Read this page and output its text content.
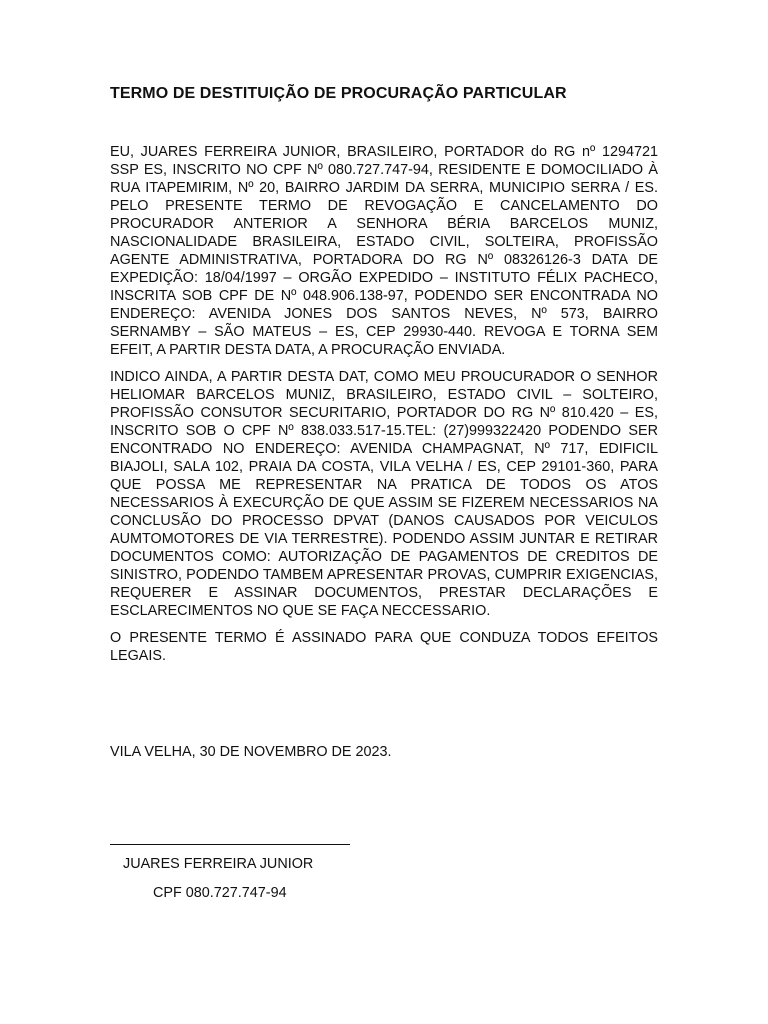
TERMO DE DESTITUIÇÃO DE PROCURAÇÃO PARTICULAR

EU, JUARES FERREIRA JUNIOR, BRASILEIRO, PORTADOR do RG nº 1294721 SSP ES, INSCRITO NO CPF Nº 080.727.747-94, RESIDENTE E DOMOCILIADO À RUA ITAPEMIRIM, Nº 20, BAIRRO JARDIM DA SERRA, MUNICIPIO SERRA / ES. PELO PRESENTE TERMO DE REVOGAÇÃO E CANCELAMENTO DO PROCURADOR ANTERIOR A SENHORA BÉRIA BARCELOS MUNIZ, NASCIONALIDADE BRASILEIRA, ESTADO CIVIL, SOLTEIRA, PROFISSÃO AGENTE ADMINISTRATIVA, PORTADORA DO RG Nº 08326126-3 DATA DE EXPEDIÇÃO: 18/04/1997 – ORGÃO EXPEDIDO – INSTITUTO FÉLIX PACHECO, INSCRITA SOB CPF DE Nº 048.906.138-97, PODENDO SER ENCONTRADA NO ENDEREÇO: AVENIDA JONES DOS SANTOS NEVES, Nº 573, BAIRRO SERNAMBY – SÃO MATEUS – ES, CEP 29930-440. REVOGA E TORNA SEM EFEIT, A PARTIR DESTA DATA, A PROCURAÇÃO ENVIADA.

INDICO AINDA, A PARTIR DESTA DAT, COMO MEU PROUCURADOR O SENHOR HELIOMAR BARCELOS MUNIZ, BRASILEIRO, ESTADO CIVIL – SOLTEIRO, PROFISSÃO CONSUTOR SECURITARIO, PORTADOR DO RG Nº 810.420 – ES, INSCRITO SOB O CPF Nº 838.033.517-15.TEL: (27)999322420 PODENDO SER ENCONTRADO NO ENDEREÇO: AVENIDA CHAMPAGNAT, Nº 717, EDIFICIL BIAJOLI, SALA 102, PRAIA DA COSTA, VILA VELHA / ES, CEP 29101-360, PARA QUE POSSA ME REPRESENTAR NA PRATICA DE TODOS OS ATOS NECESSARIOS À EXECURÇÃO DE QUE ASSIM SE FIZEREM NECESSARIOS NA CONCLUSÃO DO PROCESSO DPVAT (DANOS CAUSADOS POR VEICULOS AUMTOMOTORES DE VIA TERRESTRE). PODENDO ASSIM JUNTAR E RETIRAR DOCUMENTOS COMO: AUTORIZAÇÃO DE PAGAMENTOS DE CREDITOS DE SINISTRO, PODENDO TAMBEM APRESENTAR PROVAS, CUMPRIR EXIGENCIAS, REQUERER E ASSINAR DOCUMENTOS, PRESTAR DECLARAÇÕES E ESCLARECIMENTOS NO QUE SE FAÇA NECCESSARIO.

O PRESENTE TERMO É ASSINADO PARA QUE CONDUZA TODOS EFEITOS LEGAIS.

VILA VELHA, 30 DE NOVEMBRO DE 2023.

JUARES FERREIRA JUNIOR

CPF 080.727.747-94
